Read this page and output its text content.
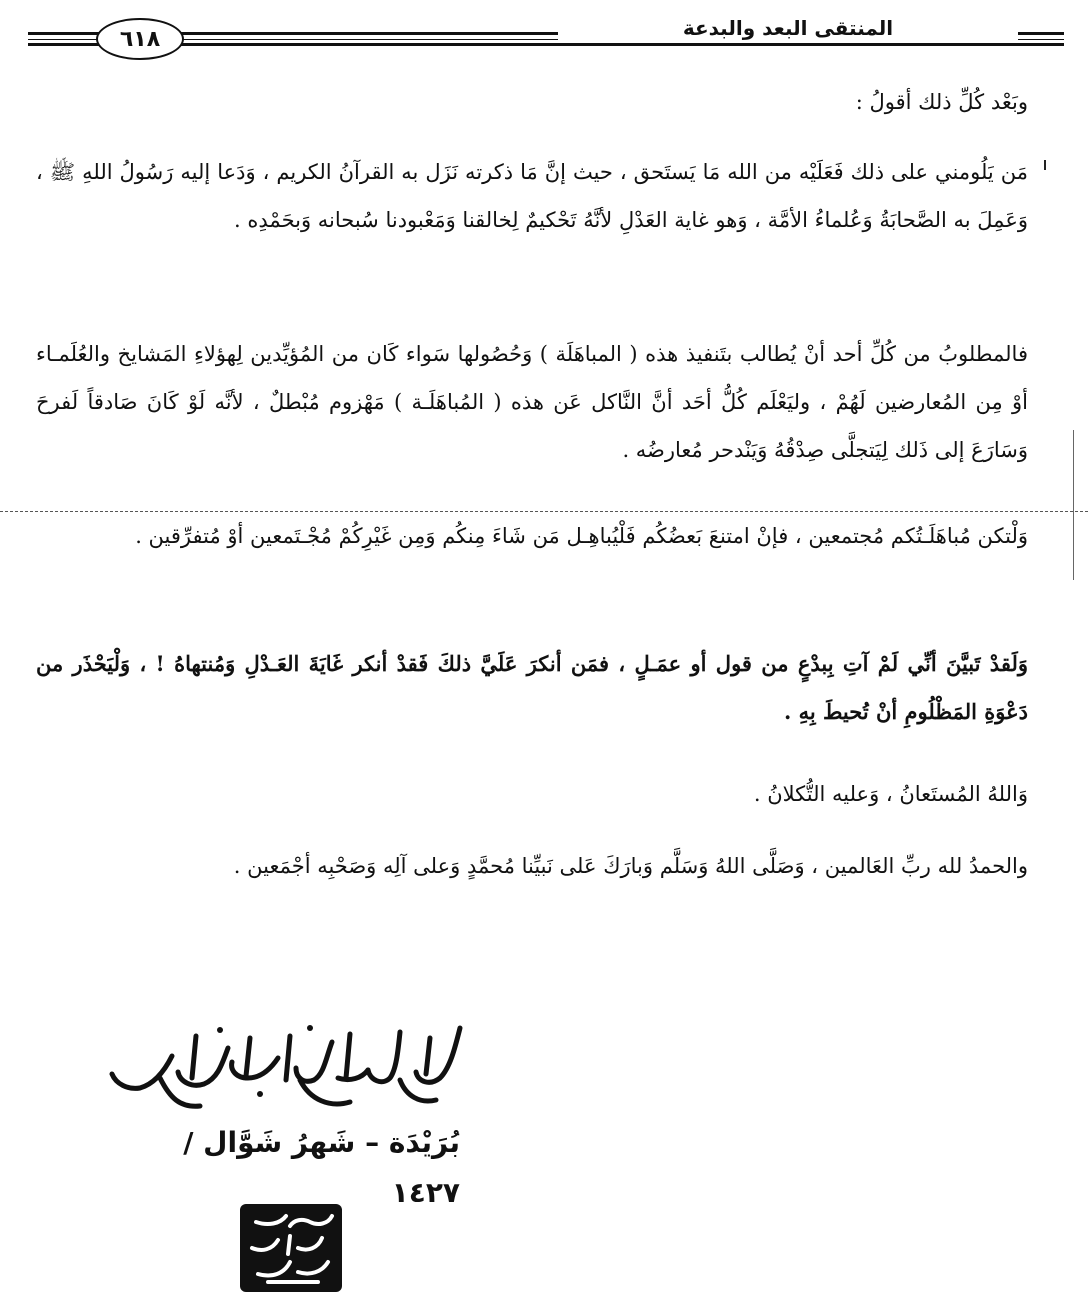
٦١٨	المنتقى البعد والبدعة

وبَعْد كُلِّ ذلك أقولُ :

مَن يَلُومني على ذلك فَعَلَيْه من الله مَا يَستَحق ، حيث إنَّ مَا ذكرته نَزَل به القرآنُ الكريم ، وَدَعا إليه رَسُولُ اللهِ ﷺ ، وَعَمِلَ به الصَّحابَةُ وَعُلماءُ الأمَّة ، وَهو غاية العَدْلِ لأنَّهُ تَحْكيمٌ لِخالقنا وَمَعْبودنا سُبحانه وَبحَمْدِه .

فالمطلوبُ من كُلِّ أحد أنْ يُطالب بتَنفيذ هذه ( المباهَلَة ) وَحُصُولها سَواء كَان من المُؤيِّدين لِهؤلاءِ المَشايخ والعُلَمـاء أوْ مِن المُعارضين لَهُمْ ، وليَعْلَم كُلُّ أحَد أنَّ النَّاكل عَن هذه ( المُباهَلَـة ) مَهْزوم مُبْطلٌ ، لأنَّه لَوْ كَانَ صَادقاً لَفرحَ وَسَارَعَ إلى ذَلك لِيَتجلَّى صِدْقُهُ وَيَنْدحر مُعارضُه .

وَلْتكن مُباهَلَـتُكم مُجتمعين ، فإنْ امتنعَ بَعضُكُم فَلْيُباهِـل مَن شَاءَ مِنكُم وَمِن غَيْرِكُمْ مُجْـتَمعين أوْ مُتفرِّقين .

وَلَقدْ تَبيَّنَ أنِّي لَمْ آتِ بِبدْعٍ من قول أو عمَـلٍ ، فمَن أنكرَ عَلَيَّ ذلكَ فَقدْ أنكر غَايَةَ العَـدْلِ وَمُنتهاهُ ! ، وَلْيَحْذَر من دَعْوَةِ المَظْلُومِ أنْ تُحيطَ بِهِ .

وَاللهُ المُستَعانُ ، وَعليه التُّكلانُ .

والحمدُ لله ربِّ العَالمين ، وَصَلَّى اللهُ وَسَلَّم وَبارَكَ عَلى نَبيِّنا مُحمَّدٍ وَعلى آلِه وَصَحْبِه أجْمَعين .

بُرَيْدَة – شَهرُ شَوَّال / ١٤٢٧
